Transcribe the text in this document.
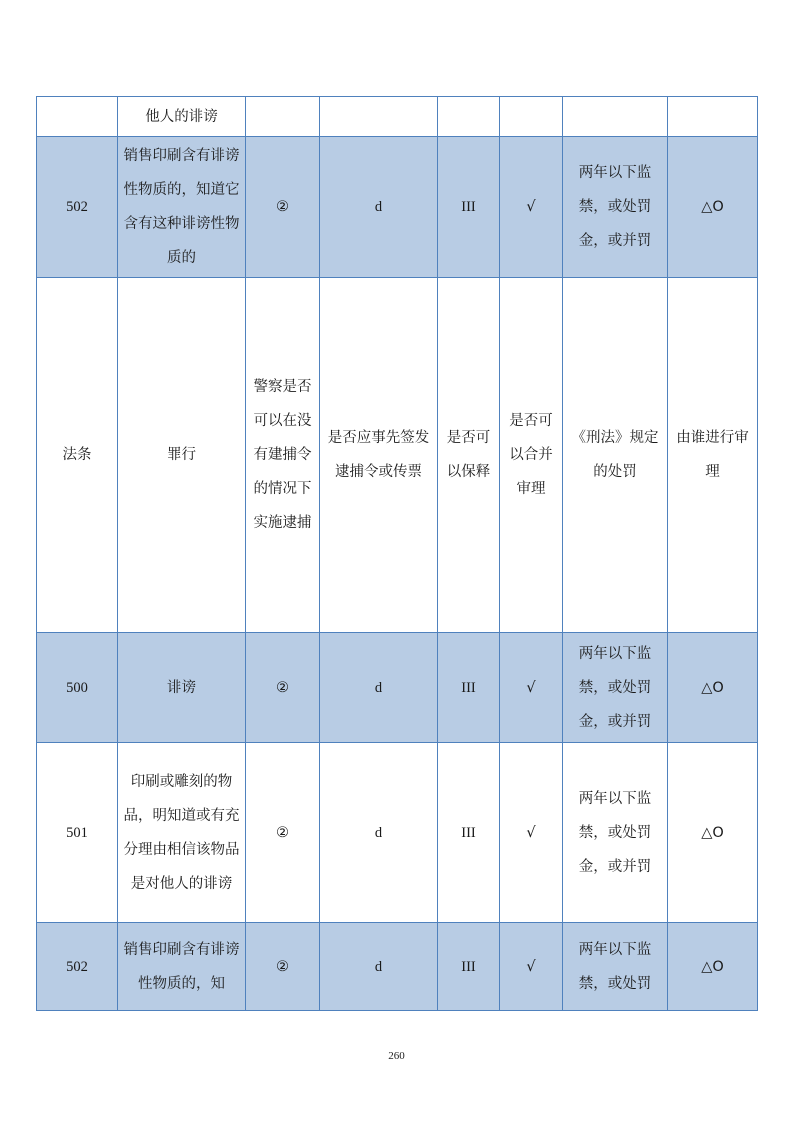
	他人的诽谤						
502	销售印刷含有诽谤性物质的，知道它含有这种诽谤性物质的	②	d	III	√	两年以下监禁，或处罚金，或并罚	△O
法条	罪行	警察是否可以在没有建捕令的情况下实施逮捕	是否应事先签发逮捕令或传票	是否可以保释	是否可以合并审理	《刑法》规定的处罚	由谁进行审理
500	诽谤	②	d	III	√	两年以下监禁，或处罚金，或并罚	△O
501	印刷或雕刻的物品，明知道或有充分理由相信该物品是对他人的诽谤	②	d	III	√	两年以下监禁，或处罚金，或并罚	△O
502	销售印刷含有诽谤性物质的，知	②	d	III	√	两年以下监禁，或处罚	△O
260
